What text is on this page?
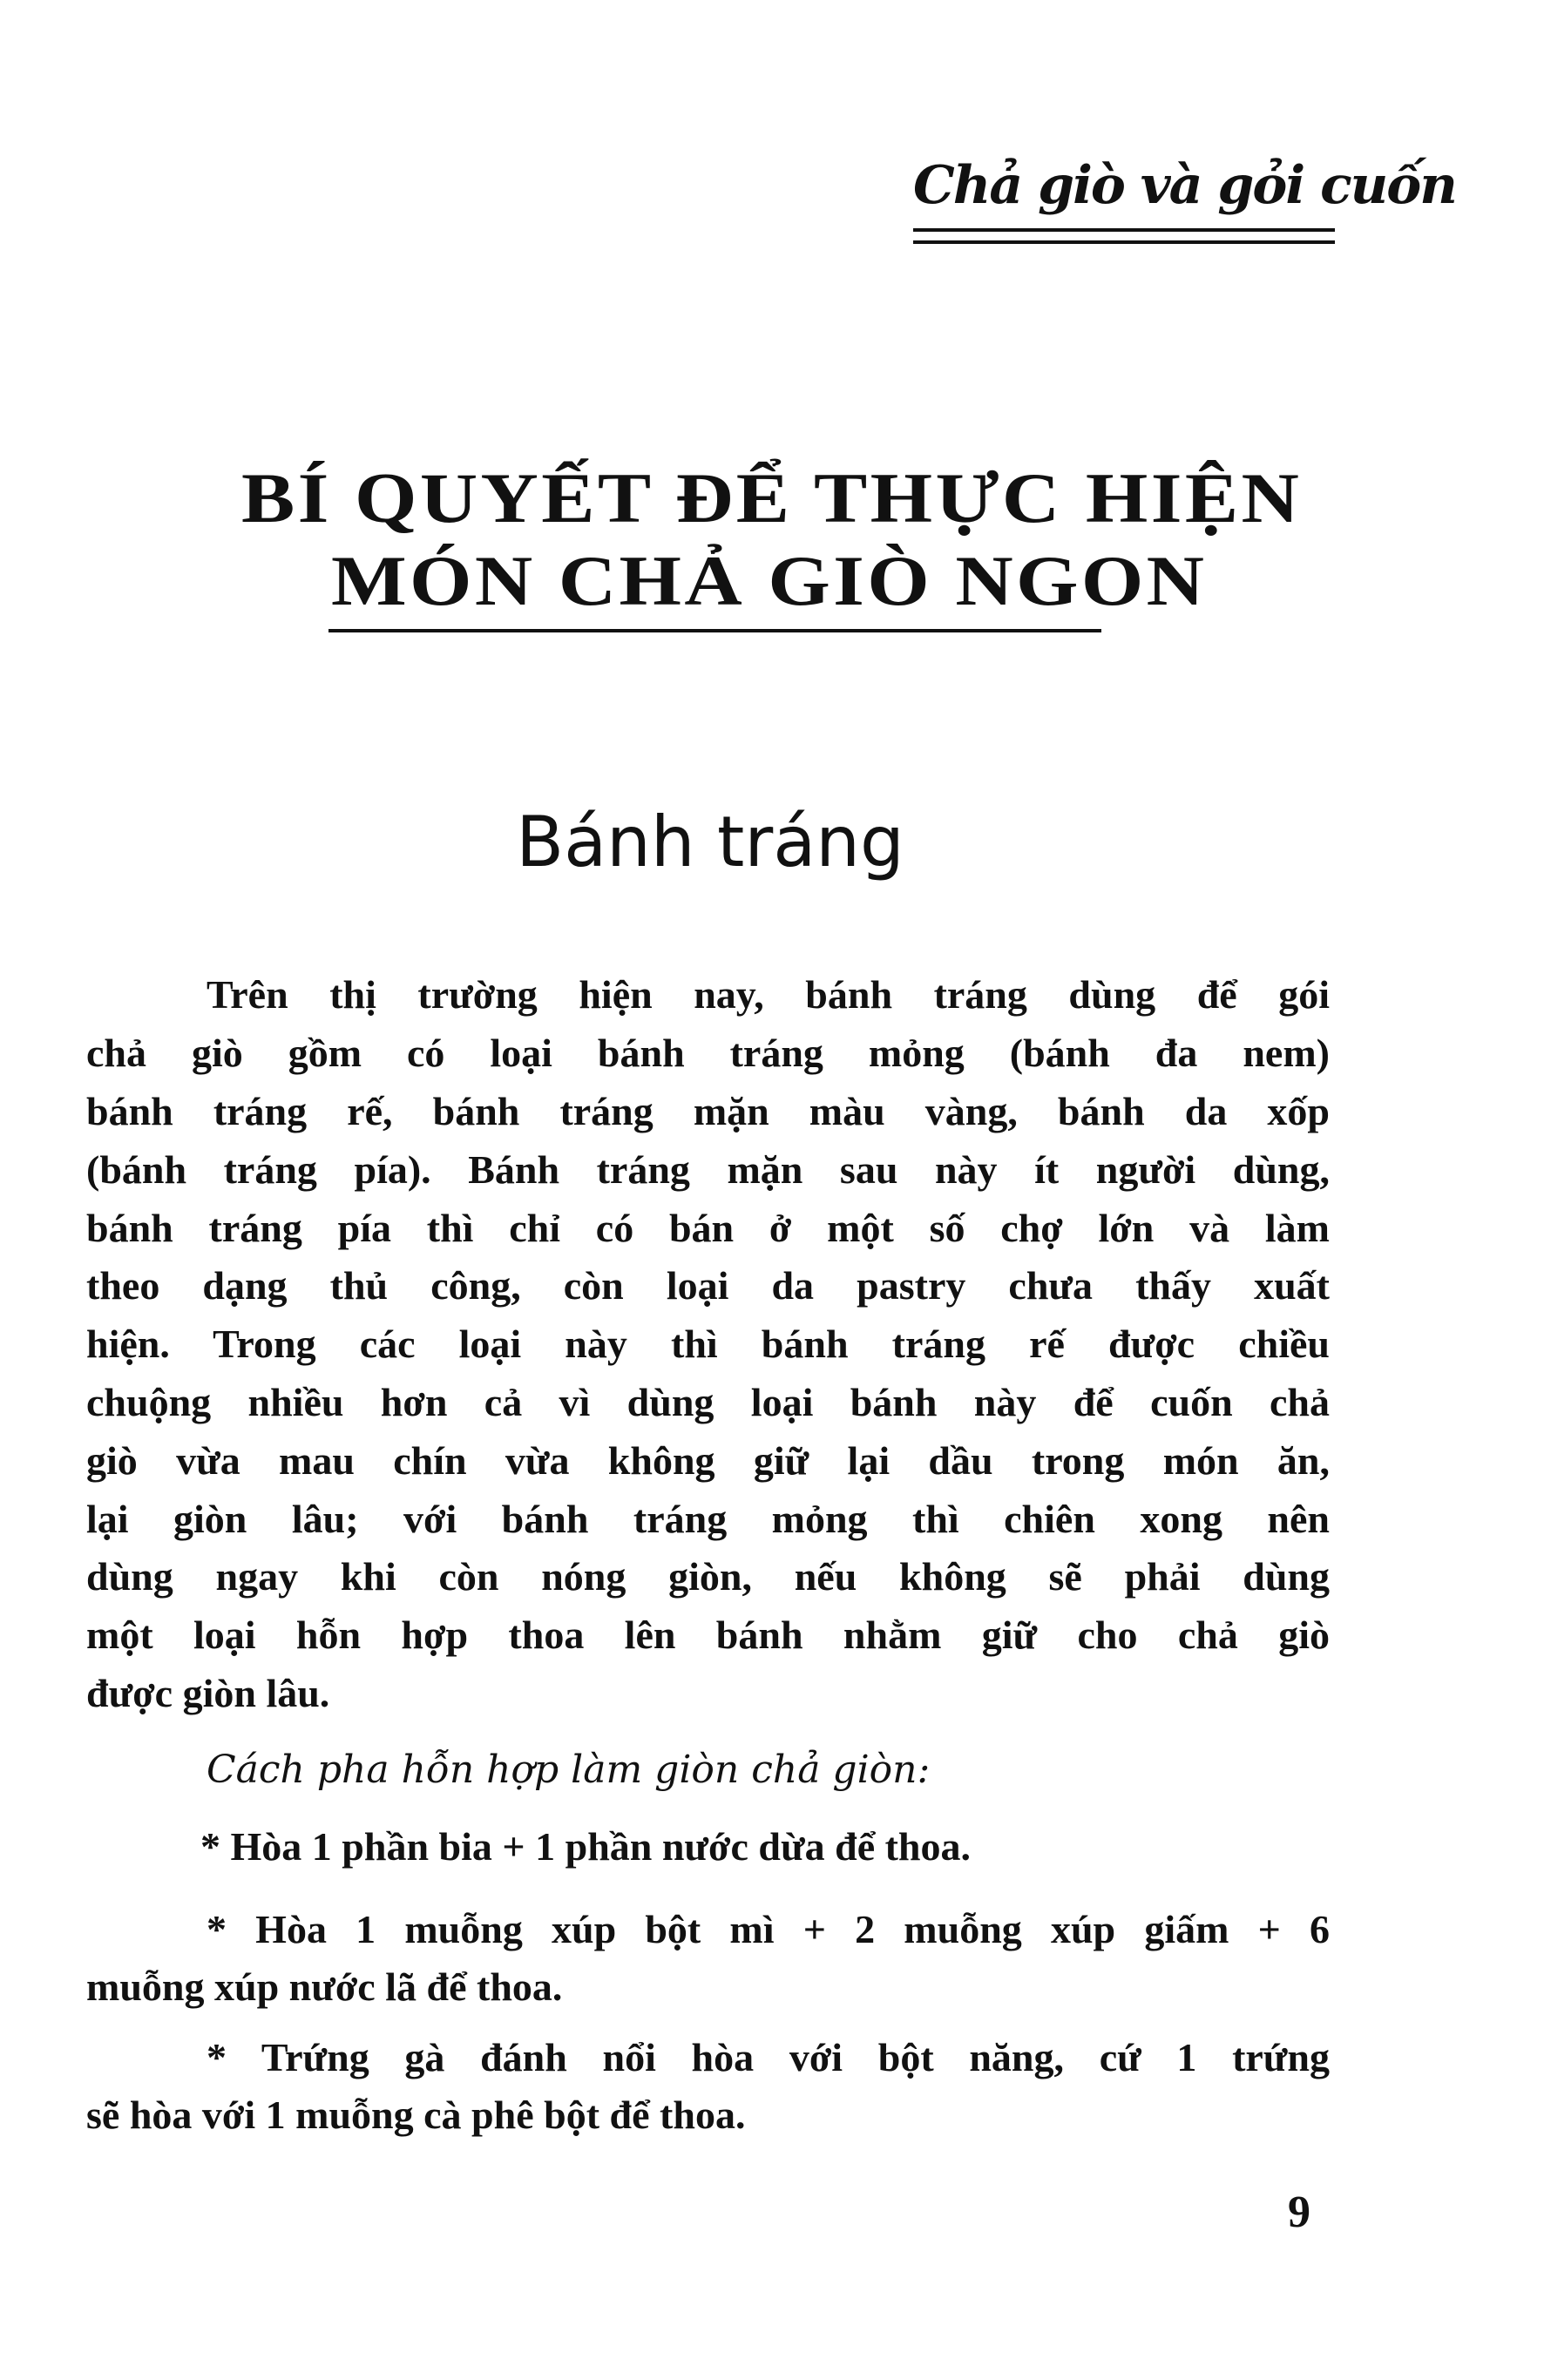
Chả giò và gỏi cuốn
BÍ QUYẾT ĐỂ THỰC HIỆN
MÓN CHẢ GIÒ NGON
Bánh tráng
Trên thị trường hiện nay, bánh tráng dùng để gói
chả giò gồm có loại bánh tráng mỏng (bánh đa nem)
bánh tráng rế, bánh tráng mặn màu vàng, bánh da xốp
(bánh tráng pía). Bánh tráng mặn sau này ít người dùng,
bánh tráng pía thì chỉ có bán ở một số chợ lớn và làm
theo dạng thủ công, còn loại da pastry chưa thấy xuất
hiện. Trong các loại này thì bánh tráng rế được chiều
chuộng nhiều hơn cả vì dùng loại bánh này để cuốn chả
giò vừa mau chín vừa không giữ lại dầu trong món ăn,
lại giòn lâu; với bánh tráng mỏng thì chiên xong nên
dùng ngay khi còn nóng giòn, nếu không sẽ phải dùng
một loại hỗn hợp thoa lên bánh nhằm giữ cho chả giò
được giòn lâu.
Cách pha hỗn hợp làm giòn chả giòn:
* Hòa 1 phần bia + 1 phần nước dừa để thoa.
* Hòa 1 muỗng xúp bột mì + 2 muỗng xúp giấm + 6
muỗng xúp nước lã để thoa.
* Trứng gà đánh nổi hòa với bột năng, cứ 1 trứng
sẽ hòa với 1 muỗng cà phê bột để thoa.
9
